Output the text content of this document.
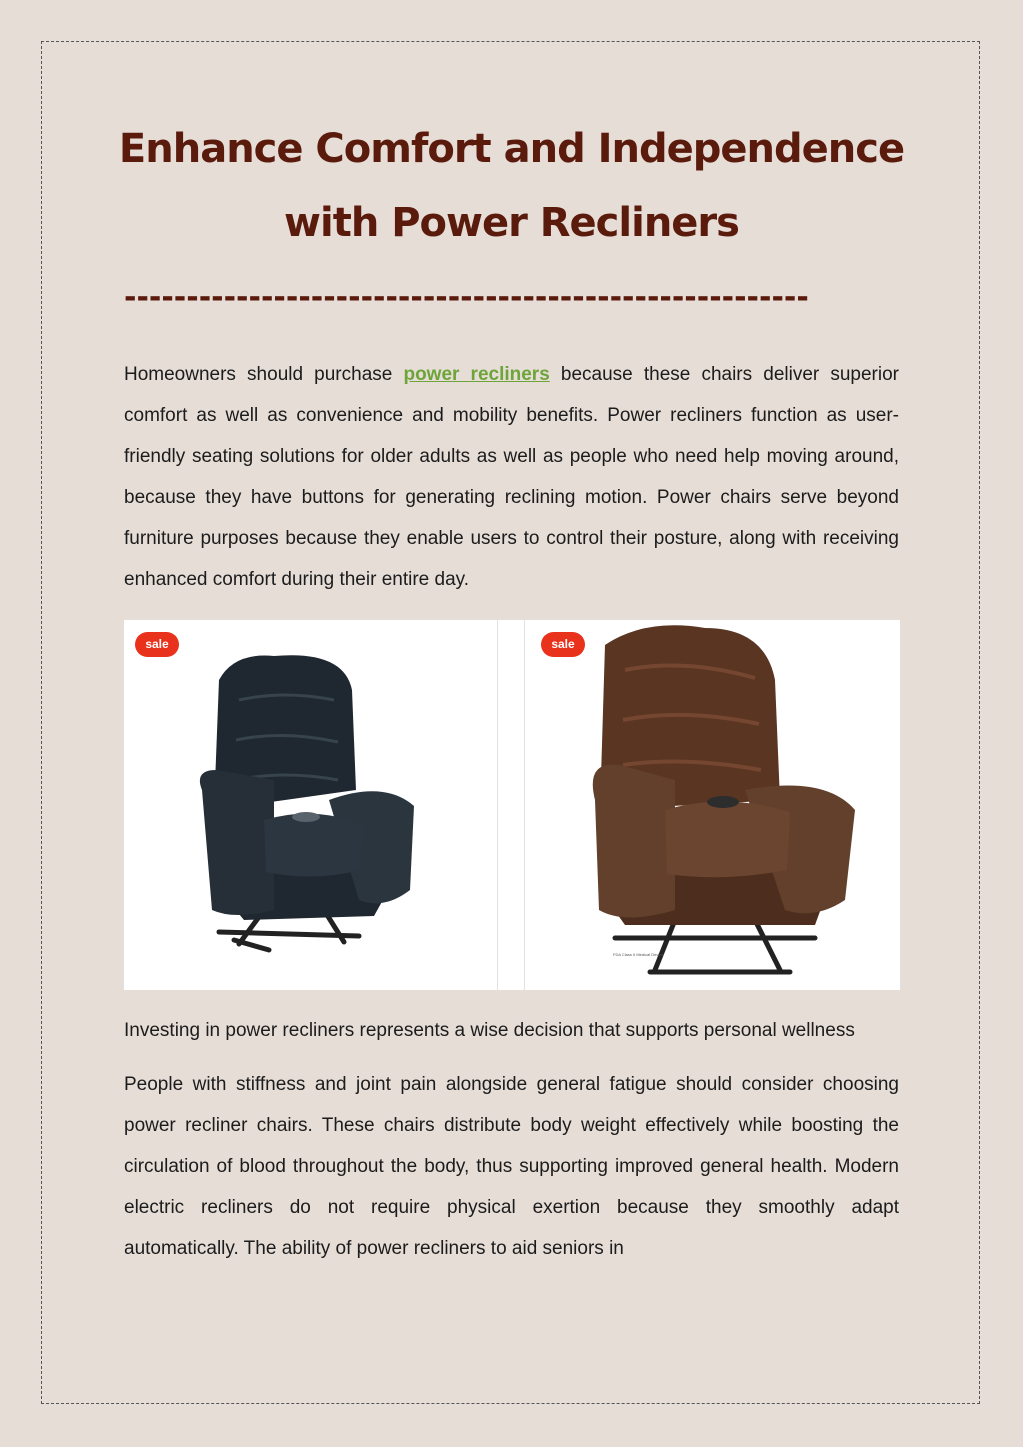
Enhance Comfort and Independence
with Power Recliners
-------------------------------------------------------

Homeowners should purchase power recliners because these chairs deliver superior comfort as well as convenience and mobility benefits. Power recliners function as user-friendly seating solutions for older adults as well as people who need help moving around, because they have buttons for generating reclining motion. Power chairs serve beyond furniture purposes because they enable users to control their posture, along with receiving enhanced comfort during their entire day.

sale	sale
FDA Class II Medical Device

Investing in power recliners represents a wise decision that supports personal wellness

People with stiffness and joint pain alongside general fatigue should consider choosing power recliner chairs. These chairs distribute body weight effectively while boosting the circulation of blood throughout the body, thus supporting improved general health. Modern electric recliners do not require physical exertion because they smoothly adapt automatically. The ability of power recliners to aid seniors in
